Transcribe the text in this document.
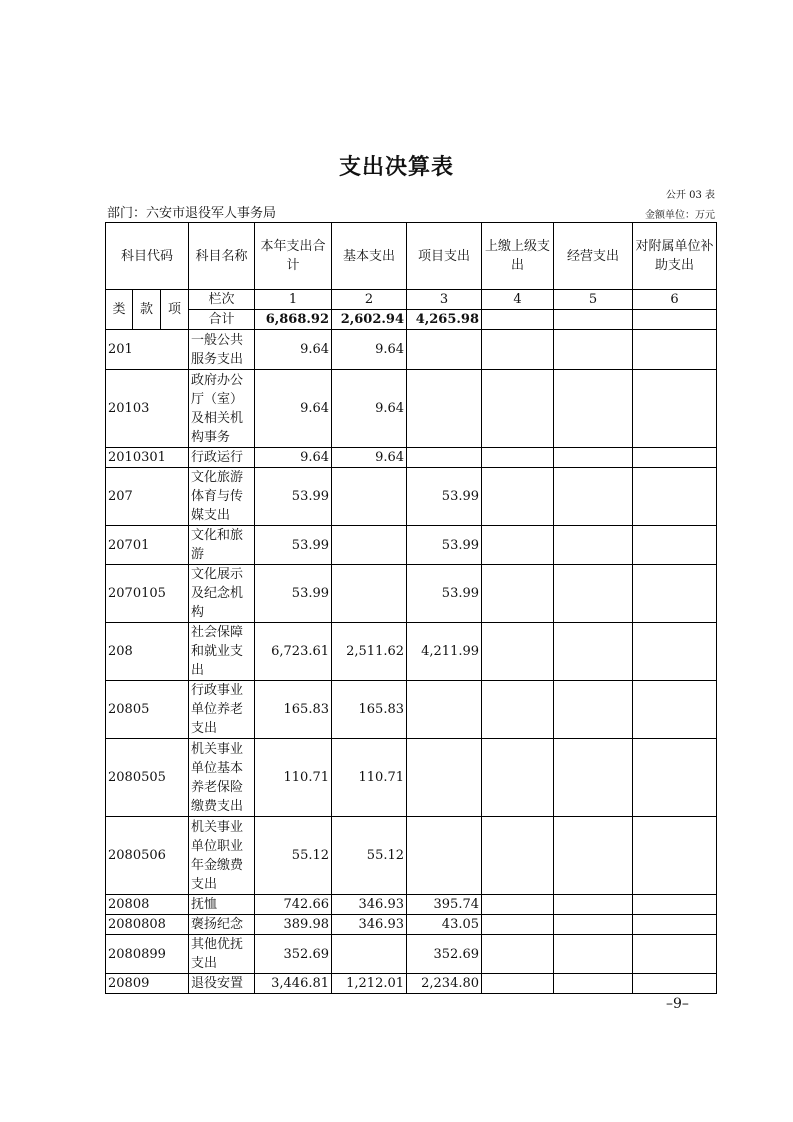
支出决算表
公开 03 表
部门：六安市退役军人事务局	金额单位：万元
科目代码			科目名称	本年支出合计	基本支出	项目支出	上缴上级支出	经营支出	对附属单位补助支出
类	款	项	栏次	1	2	3	4	5	6
			合计	6,868.92	2,602.94	4,265.98			
201			一般公共服务支出	9.64	9.64				
20103			政府办公厅（室）及相关机构事务	9.64	9.64				
2010301			行政运行	9.64	9.64				
207			文化旅游体育与传媒支出	53.99		53.99			
20701			文化和旅游	53.99		53.99			
2070105			文化展示及纪念机构	53.99		53.99			
208			社会保障和就业支出	6,723.61	2,511.62	4,211.99			
20805			行政事业单位养老支出	165.83	165.83				
2080505			机关事业单位基本养老保险缴费支出	110.71	110.71				
2080506			机关事业单位职业年金缴费支出	55.12	55.12				
20808			抚恤	742.66	346.93	395.74			
2080808			褒扬纪念	389.98	346.93	43.05			
2080899			其他优抚支出	352.69		352.69			
20809			退役安置	3,446.81	1,212.01	2,234.80			
–9–
